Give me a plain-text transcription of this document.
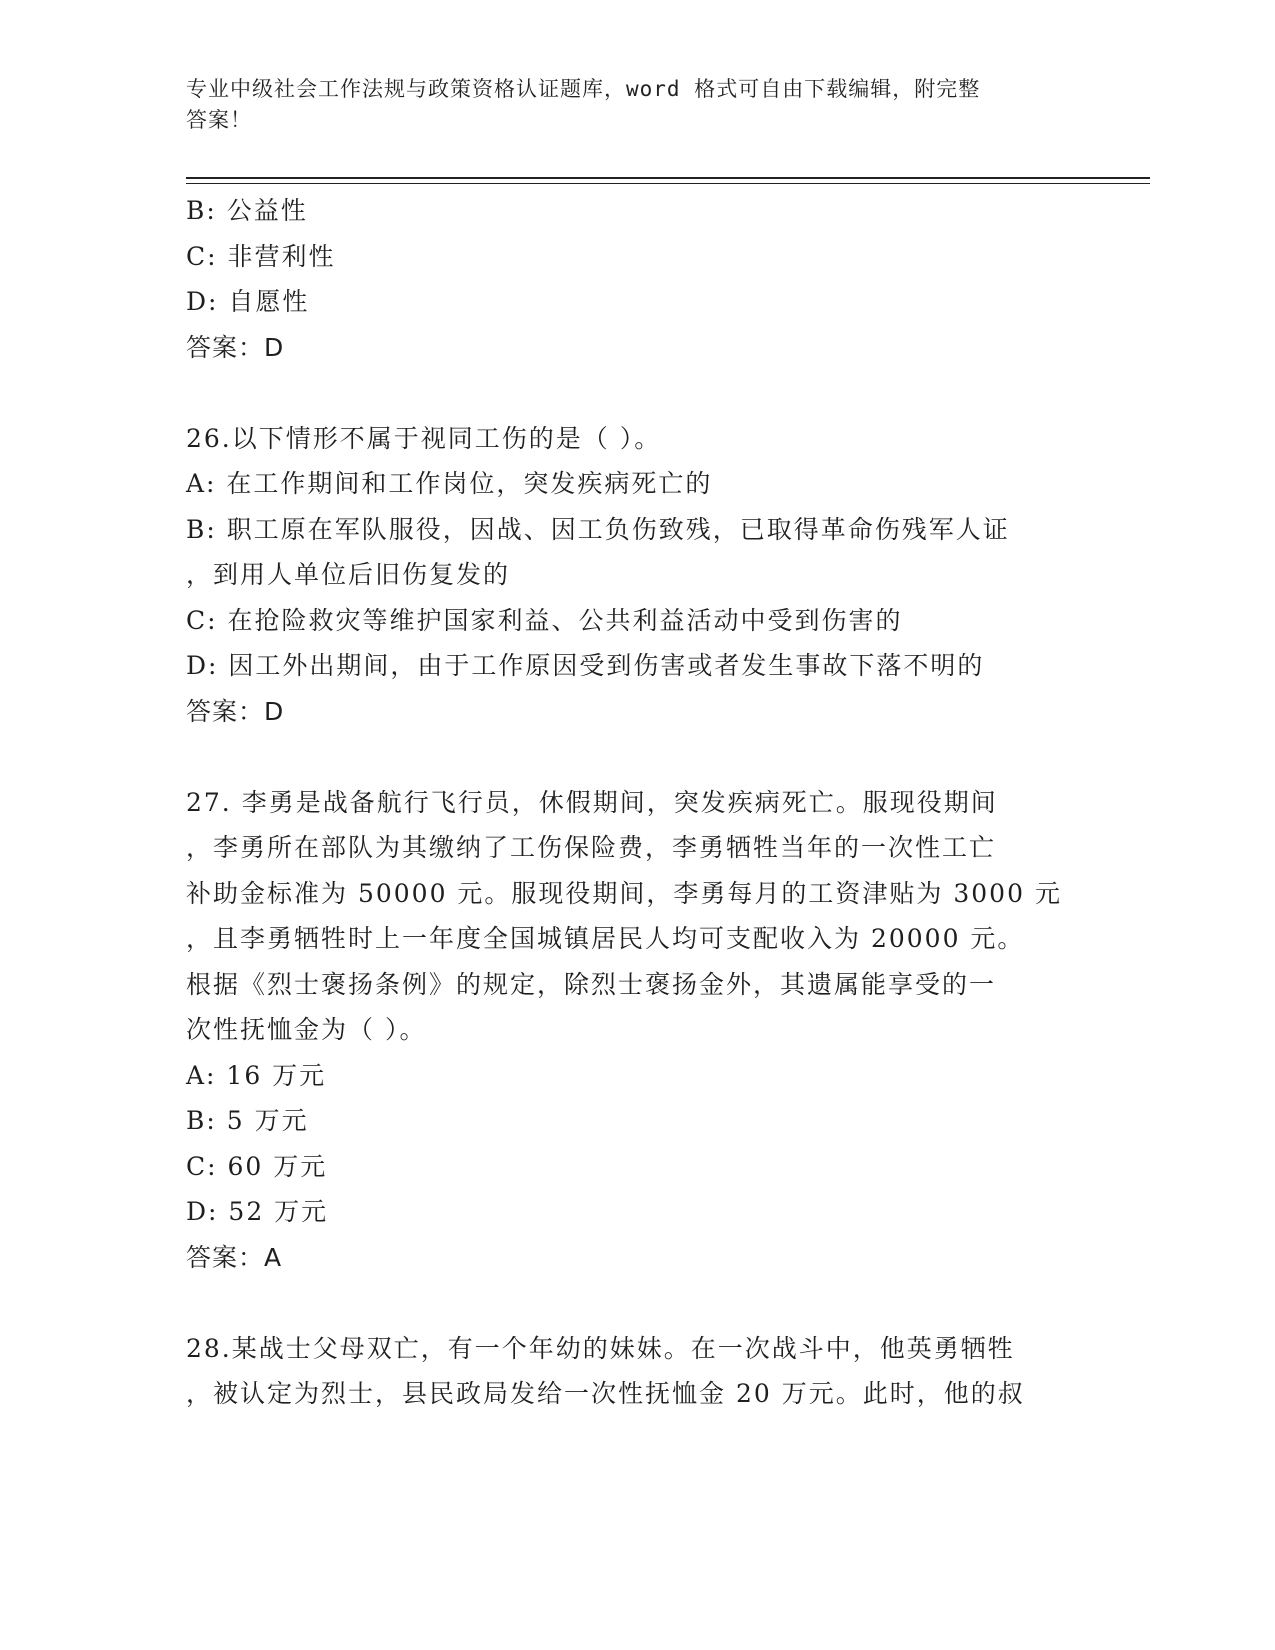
专业中级社会工作法规与政策资格认证题库，word 格式可自由下载编辑，附完整
答案！
B: 公益性
C: 非营利性
D: 自愿性
答案：D
26.以下情形不属于视同工伤的是（ ）。
A: 在工作期间和工作岗位，突发疾病死亡的
B: 职工原在军队服役，因战、因工负伤致残，已取得革命伤残军人证
，到用人单位后旧伤复发的
C: 在抢险救灾等维护国家利益、公共利益活动中受到伤害的
D: 因工外出期间，由于工作原因受到伤害或者发生事故下落不明的
答案：D
27. 李勇是战备航行飞行员，休假期间，突发疾病死亡。服现役期间
，李勇所在部队为其缴纳了工伤保险费，李勇牺牲当年的一次性工亡
补助金标准为 50000 元。服现役期间，李勇每月的工资津贴为 3000 元
，且李勇牺牲时上一年度全国城镇居民人均可支配收入为 20000 元。
根据《烈士褒扬条例》的规定，除烈士褒扬金外，其遗属能享受的一
次性抚恤金为（ ）。
A: 16 万元
B: 5 万元
C: 60 万元
D: 52 万元
答案：A
28.某战士父母双亡，有一个年幼的妹妹。在一次战斗中，他英勇牺牲
，被认定为烈士，县民政局发给一次性抚恤金 20 万元。此时，他的叔
